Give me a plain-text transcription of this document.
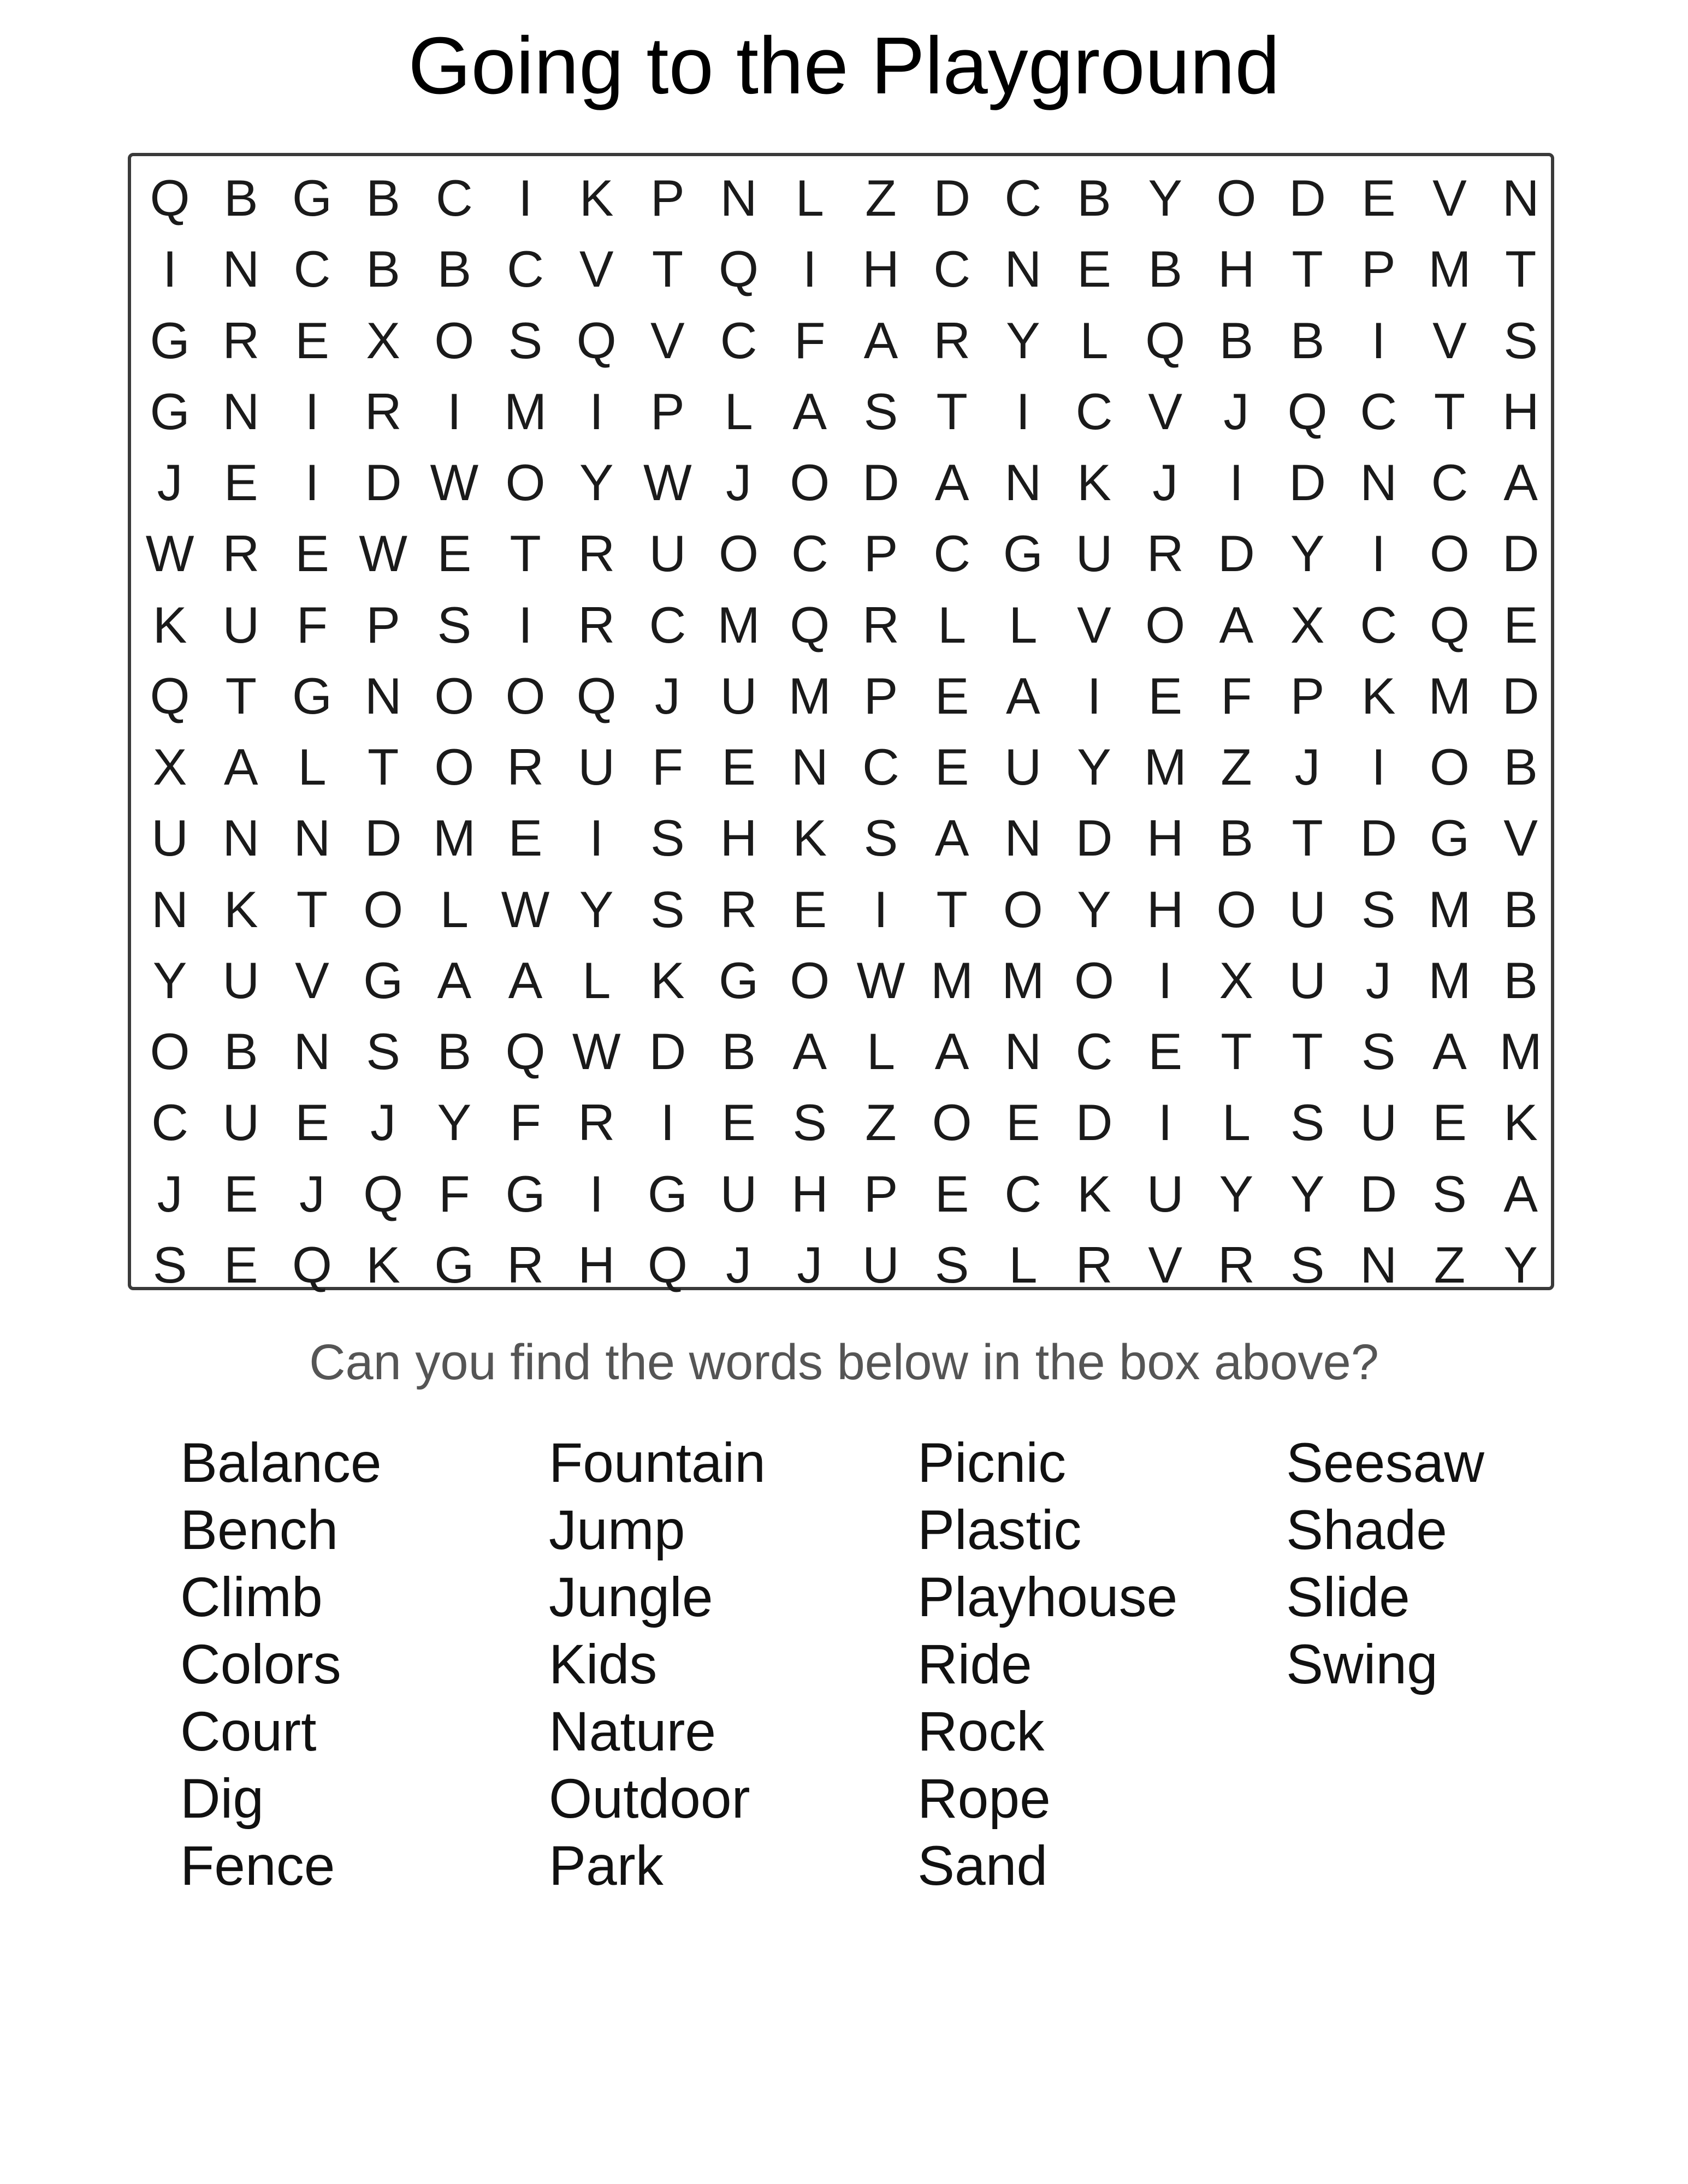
Going to the Playground
Q B G B C I K P N L Z D C B Y O D E V N
I N C B B C V T Q I H C N E B H T P M T
G R E X O S Q V C F A R Y L Q B B I V S
G N I R I M I P L A S T I C V J Q C T H
J E I D W O Y W J O D A N K J I D N C A
W R E W E T R U O C P C G U R D Y I O D
K U F P S I R C M Q R L L V O A X C Q E
Q T G N O O Q J U M P E A I E F P K M D
X A L T O R U F E N C E U Y M Z J I O B
U N N D M E I S H K S A N D H B T D G V
N K T O L W Y S R E I T O Y H O U S M B
Y U V G A A L K G O W M M O I X U J M B
O B N S B Q W D B A L A N C E T T S A M
C U E J Y F R I E S Z O E D I L S U E K
J E J Q F G I G U H P E C K U Y Y D S A
S E Q K G R H Q J J U S L R V R S N Z Y
Can you find the words below in the box above?
Balance
Bench
Climb
Colors
Court
Dig
Fence
Fountain
Jump
Jungle
Kids
Nature
Outdoor
Park
Picnic
Plastic
Playhouse
Ride
Rock
Rope
Sand
Seesaw
Shade
Slide
Swing
